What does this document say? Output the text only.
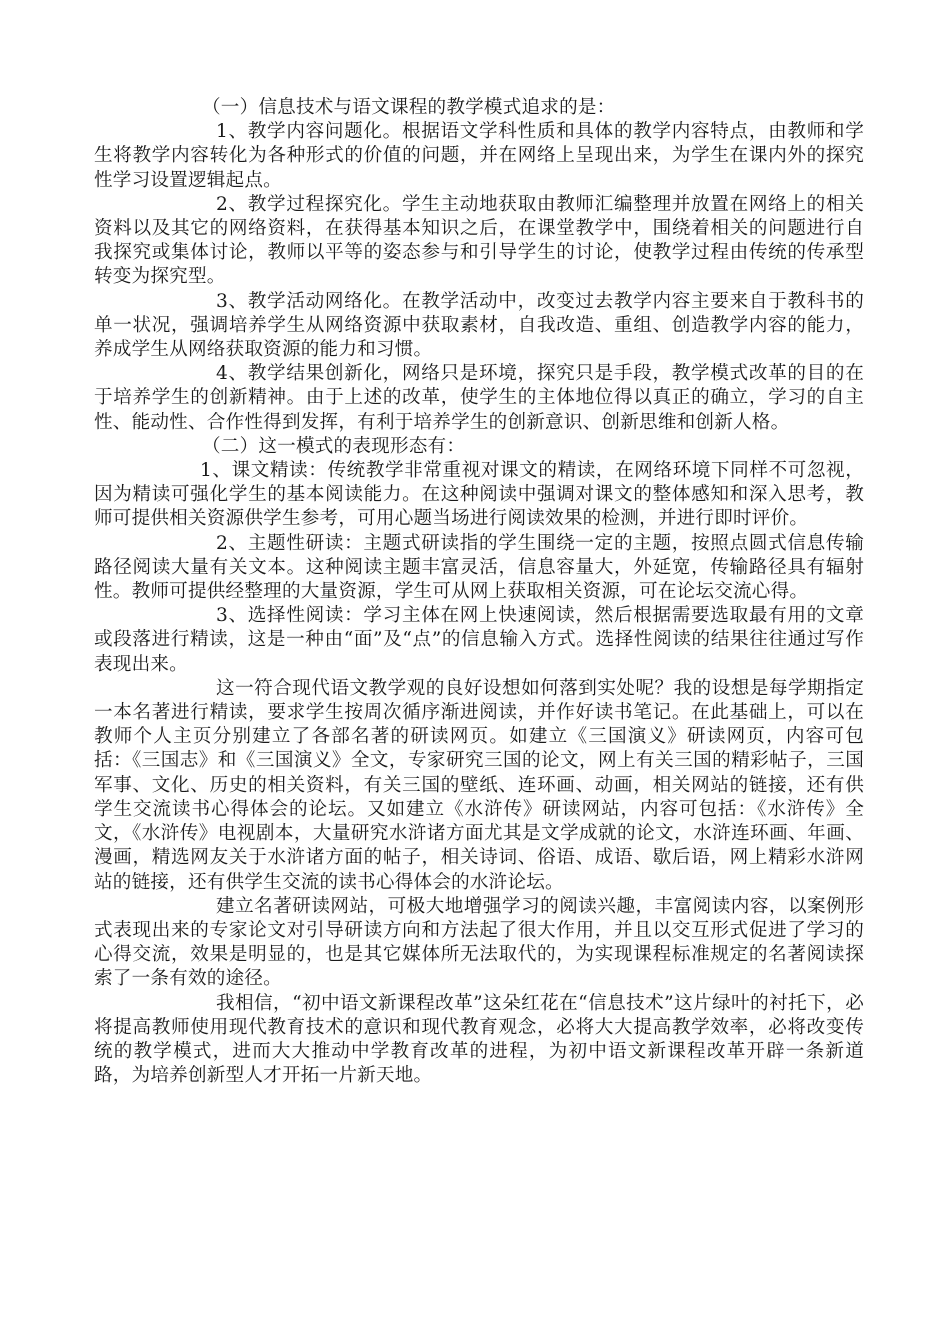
（一）信息技术与语文课程的教学模式追求的是：

1、教学内容问题化。根据语文学科性质和具体的教学内容特点，由教师和学生将教学内容转化为各种形式的价值的问题，并在网络上呈现出来，为学生在课内外的探究性学习设置逻辑起点。

2、教学过程探究化。学生主动地获取由教师汇编整理并放置在网络上的相关资料以及其它的网络资料，在获得基本知识之后，在课堂教学中，围绕着相关的问题进行自我探究或集体讨论，教师以平等的姿态参与和引导学生的讨论，使教学过程由传统的传承型转变为探究型。

3、教学活动网络化。在教学活动中，改变过去教学内容主要来自于教科书的单一状况，强调培养学生从网络资源中获取素材，自我改造、重组、创造教学内容的能力，养成学生从网络获取资源的能力和习惯。

4、教学结果创新化，网络只是环境，探究只是手段，教学模式改革的目的在于培养学生的创新精神。由于上述的改革，使学生的主体地位得以真正的确立，学习的自主性、能动性、合作性得到发挥，有利于培养学生的创新意识、创新思维和创新人格。

（二）这一模式的表现形态有：

1、课文精读：传统教学非常重视对课文的精读，在网络环境下同样不可忽视，因为精读可强化学生的基本阅读能力。在这种阅读中强调对课文的整体感知和深入思考，教师可提供相关资源供学生参考，可用心题当场进行阅读效果的检测，并进行即时评价。

2、主题性研读：主题式研读指的学生围绕一定的主题，按照点圆式信息传输路径阅读大量有关文本。这种阅读主题丰富灵活，信息容量大，外延宽，传输路径具有辐射性。教师可提供经整理的大量资源，学生可从网上获取相关资源，可在论坛交流心得。

3、选择性阅读：学习主体在网上快速阅读，然后根据需要选取最有用的文章或段落进行精读，这是一种由“面”及“点”的信息输入方式。选择性阅读的结果往往通过写作表现出来。

这一符合现代语文教学观的良好设想如何落到实处呢？我的设想是每学期指定一本名著进行精读，要求学生按周次循序渐进阅读，并作好读书笔记。在此基础上，可以在教师个人主页分别建立了各部名著的研读网页。如建立《三国演义》研读网页，内容可包括：《三国志》和《三国演义》全文，专家研究三国的论文，网上有关三国的精彩帖子，三国军事、文化、历史的相关资料，有关三国的壁纸、连环画、动画，相关网站的链接，还有供学生交流读书心得体会的论坛。又如建立《水浒传》研读网站，内容可包括：《水浒传》全文，《水浒传》电视剧本，大量研究水浒诸方面尤其是文学成就的论文，水浒连环画、年画、漫画，精选网友关于水浒诸方面的帖子，相关诗词、俗语、成语、歇后语，网上精彩水浒网站的链接，还有供学生交流的读书心得体会的水浒论坛。

建立名著研读网站，可极大地增强学习的阅读兴趣，丰富阅读内容，以案例形式表现出来的专家论文对引导研读方向和方法起了很大作用，并且以交互形式促进了学习的心得交流，效果是明显的，也是其它媒体所无法取代的，为实现课程标准规定的名著阅读探索了一条有效的途径。

我相信，“初中语文新课程改革”这朵红花在“信息技术”这片绿叶的衬托下，必将提高教师使用现代教育技术的意识和现代教育观念，必将大大提高教学效率，必将改变传统的教学模式，进而大大推动中学教育改革的进程，为初中语文新课程改革开辟一条新道路，为培养创新型人才开拓一片新天地。
